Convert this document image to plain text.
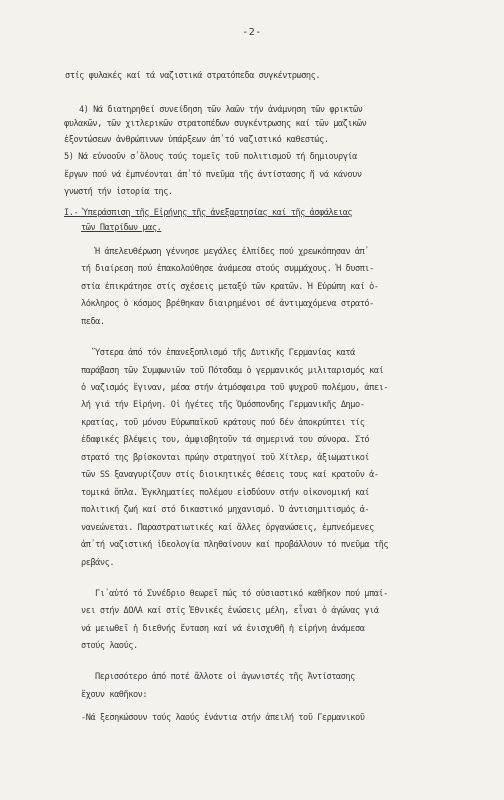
-2-
στίς φυλακές καί τά ναζιστικά στρατόπεδα συγκέντρωσης.
4) Νά διατηρηθεί συνείδηση τῶν λαῶν τήν ἀνάμνηση τῶν φρικτῶν
φυλακῶν, τῶν χιτλερικῶν στρατοπέδων συγκέντρωσης καί τῶν μαζικῶν
ἐξοντώσεων ἀνθρώπινων ὑπάρξεων ἀπ᾽τό ναζιστικό καθεστώς.
5) Νά εὐνοοῦν σ᾽ὅλους τούς τομεῖς τοῦ πολιτισμοῦ τή δημιουργία
ἔργων πού νά ἐμπνέονται ἀπ᾽τό πνεῦμα τῆς ἀντίστασης ἤ νά κάνουν
γνωστή τήν ἱστορία της.
Ι.- Ὑπεράσπιση τῆς Εἰρήνης τῆς ἀνεξαρτησίας καί τῆς ἀσφάλειας
τῶν Πατρίδων μας.
Ἡ ἀπελευθέρωση γέννησε μεγάλες ἐλπίδες πού χρεωκόπησαν ἀπ᾽
τή διαίρεση πού ἐπακολούθησε ἀνάμεσα στούς συμμάχους. Ἡ δυσπι-
στία ἐπικράτησε στίς σχέσεις μεταξύ τῶν κρατῶν. Ἡ Εὐρώπη καί ὁ-
λόκληρος ὁ κόσμος βρέθηκαν διαιρημένοι σέ ἀντιμαχόμενα στρατό-
πεδα.
Ὕστερα ἀπό τόν ἐπανεξοπλισμό τῆς Δυτικῆς Γερμανίας κατά
παράβαση τῶν Συμφωνιῶν τοῦ Πότσδαμ ὁ γερμανικός μιλιταρισμός καί
ὁ ναζισμός ἔγιναν, μέσα στήν ἀτμόσφαιρα τοῦ ψυχροῦ πολέμου, ἀπει-
λή γιά τήν Εἰρήνη. Οἱ ἡγέτες τῆς Ὁμόσπονδης Γερμανικῆς Δημο-
κρατίας, τοῦ μόνου Εὐρωπαϊκοῦ κράτους πού δέν ἀποκρύπτει τίς
ἐδαφικές βλέψεις του, ἀμφισβητοῦν τά σημερινά του σύνορα. Στό
στρατό της βρίσκονται πρώην στρατηγοί τοῦ Χίτλερ, ἀξιωματικοί
τῶν SS ξαναγυρίζουν στίς διοικητικές θέσεις τους καί κρατοῦν ἀ-
τομικά ὅπλα. Ἐγκληματίες πολέμου εἰσδύουν στήν οἰκονομική καί
πολιτική ζωή καί στό δικαστικό μηχανισμό. Ὁ ἀντισημιτισμός ἀ-
νανεώνεται. Παραστρατιωτικές καί ἄλλες ὀργανώσεις, ἐμπνεόμενες
ἀπ᾽τή ναζιστική ἰδεολογία πληθαίνουν καί προβάλλουν τό πνεῦμα τῆς
ρεβάνς.
Γι᾽αὐτό τό Συνέδριο θεωρεῖ πώς τό οὐσιαστικό καθῆκον πού μπαί-
νει στήν ΔΟΛΑ καί στίς Ἐθνικές ἑνώσεις μέλη, εἶναι ὁ ἀγώνας γιά
νά μειωθεῖ ἡ διεθνής ἔνταση καί νά ἐνισχυθῆ ἡ εἰρήνη ἀνάμεσα
στούς λαούς.
Περισσότερο ἀπό ποτέ ἄλλοτε οἱ ἀγωνιστές τῆς Ἀντίστασης
ἔχουν καθῆκον:
-Νά ξεσηκώσουν τούς λαούς ἐνάντια στήν ἀπειλή τοῦ Γερμανικοῦ
